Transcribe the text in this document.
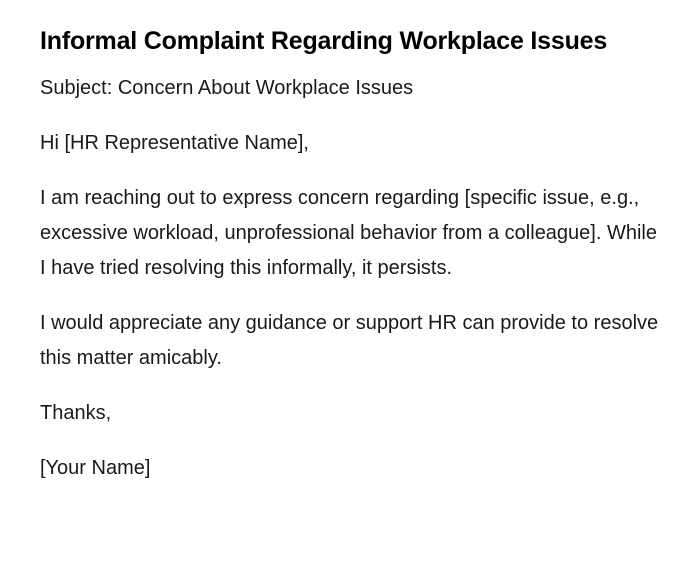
Informal Complaint Regarding Workplace Issues

Subject: Concern About Workplace Issues

Hi [HR Representative Name],

I am reaching out to express concern regarding [specific issue, e.g., excessive workload, unprofessional behavior from a colleague]. While I have tried resolving this informally, it persists.

I would appreciate any guidance or support HR can provide to resolve this matter amicably.

Thanks,

[Your Name]
